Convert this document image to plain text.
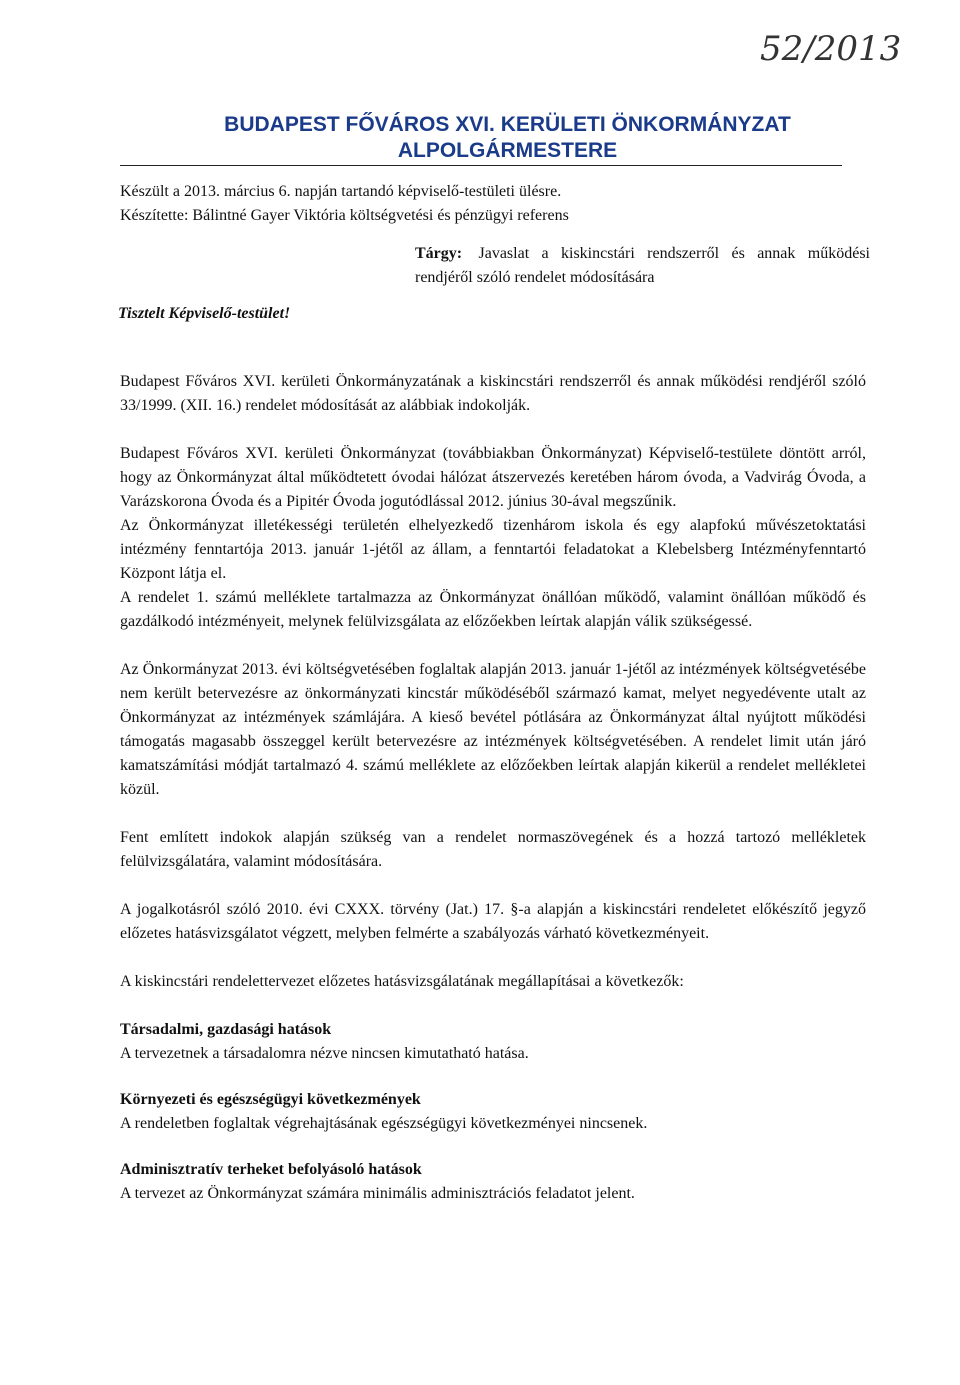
52/2013
BUDAPEST FŐVÁROS XVI. KERÜLETI ÖNKORMÁNYZAT
ALPOLGÁRMESTERE
Készült a 2013. március 6. napján tartandó képviselő-testületi ülésre.
Készítette: Bálintné Gayer Viktória költségvetési és pénzügyi referens
Tárgy: Javaslat a kiskincstári rendszerről és annak működési rendjéről szóló rendelet módosítására
Tisztelt Képviselő-testület!

Budapest Főváros XVI. kerületi Önkormányzatának a kiskincstári rendszerről és annak működési rendjéről szóló 33/1999. (XII. 16.) rendelet módosítását az alábbiak indokolják.

Budapest Főváros XVI. kerületi Önkormányzat (továbbiakban Önkormányzat) Képviselő-testülete döntött arról, hogy az Önkormányzat által működtetett óvodai hálózat átszervezés keretében három óvoda, a Vadvirág Óvoda, a Varázskorona Óvoda és a Pipitér Óvoda jogutódlással 2012. június 30-ával megszűnik.

Az Önkormányzat illetékességi területén elhelyezkedő tizenhárom iskola és egy alapfokú művészetoktatási intézmény fenntartója 2013. január 1-jétől az állam, a fenntartói feladatokat a Klebelsberg Intézményfenntartó Központ látja el.

A rendelet 1. számú melléklete tartalmazza az Önkormányzat önállóan működő, valamint önállóan működő és gazdálkodó intézményeit, melynek felülvizsgálata az előzőekben leírtak alapján válik szükségessé.

Az Önkormányzat 2013. évi költségvetésében foglaltak alapján 2013. január 1-jétől az intézmények költségvetésébe nem került betervezésre az önkormányzati kincstár működéséből származó kamat, melyet negyedévente utalt az Önkormányzat az intézmények számlájára. A kieső bevétel pótlására az Önkormányzat által nyújtott működési támogatás magasabb összeggel került betervezésre az intézmények költségvetésében. A rendelet limit után járó kamatszámítási módját tartalmazó 4. számú melléklete az előzőekben leírtak alapján kikerül a rendelet mellékletei közül.

Fent említett indokok alapján szükség van a rendelet normaszövegének és a hozzá tartozó mellékletek felülvizsgálatára, valamint módosítására.

A jogalkotásról szóló 2010. évi CXXX. törvény (Jat.) 17. §-a alapján a kiskincstári rendeletet előkészítő jegyző előzetes hatásvizsgálatot végzett, melyben felmérte a szabályozás várható következményeit.

A kiskincstári rendelettervezet előzetes hatásvizsgálatának megállapításai a következők:

Társadalmi, gazdasági hatások
A tervezetnek a társadalomra nézve nincsen kimutatható hatása.
Környezeti és egészségügyi következmények
A rendeletben foglaltak végrehajtásának egészségügyi következményei nincsenek.
Adminisztratív terheket befolyásoló hatások
A tervezet az Önkormányzat számára minimális adminisztrációs feladatot jelent.
